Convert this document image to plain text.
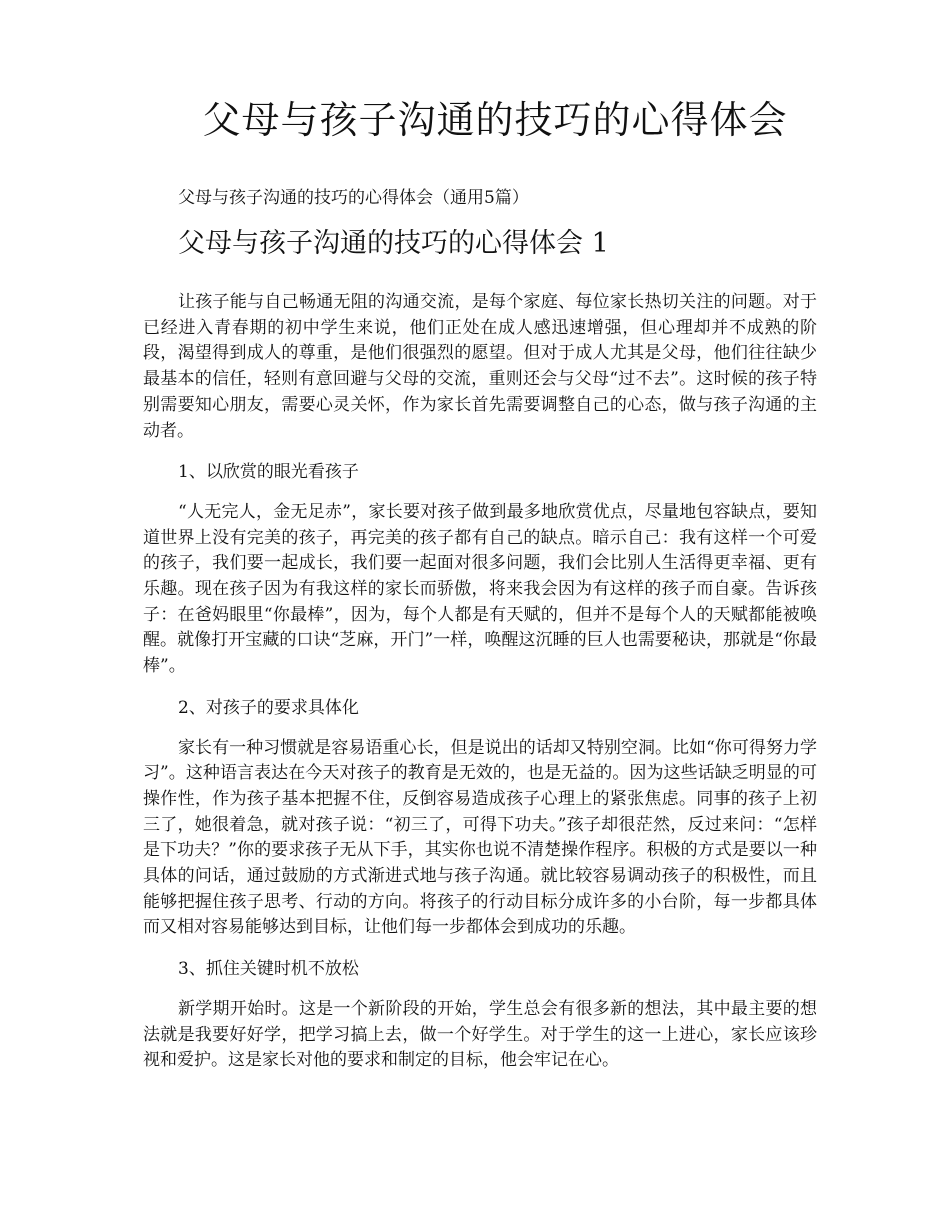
父母与孩子沟通的技巧的心得体会

父母与孩子沟通的技巧的心得体会（通用5篇）

父母与孩子沟通的技巧的心得体会 1

让孩子能与自己畅通无阻的沟通交流，是每个家庭、每位家长热切关注的问题。对于已经进入青春期的初中学生来说，他们正处在成人感迅速增强，但心理却并不成熟的阶段，渴望得到成人的尊重，是他们很强烈的愿望。但对于成人尤其是父母，他们往往缺少最基本的信任，轻则有意回避与父母的交流，重则还会与父母“过不去”。这时候的孩子特别需要知心朋友，需要心灵关怀，作为家长首先需要调整自己的心态，做与孩子沟通的主动者。

1、以欣赏的眼光看孩子

“人无完人，金无足赤”，家长要对孩子做到最多地欣赏优点，尽量地包容缺点，要知道世界上没有完美的孩子，再完美的孩子都有自己的缺点。暗示自己：我有这样一个可爱的孩子，我们要一起成长，我们要一起面对很多问题，我们会比别人生活得更幸福、更有乐趣。现在孩子因为有我这样的家长而骄傲，将来我会因为有这样的孩子而自豪。告诉孩子：在爸妈眼里“你最棒”，因为，每个人都是有天赋的，但并不是每个人的天赋都能被唤醒。就像打开宝藏的口诀“芝麻，开门”一样，唤醒这沉睡的巨人也需要秘诀，那就是“你最棒”。

2、对孩子的要求具体化

家长有一种习惯就是容易语重心长，但是说出的话却又特别空洞。比如“你可得努力学习”。这种语言表达在今天对孩子的教育是无效的，也是无益的。因为这些话缺乏明显的可操作性，作为孩子基本把握不住，反倒容易造成孩子心理上的紧张焦虑。同事的孩子上初三了，她很着急，就对孩子说：“初三了，可得下功夫。”孩子却很茫然，反过来问：“怎样是下功夫？”你的要求孩子无从下手，其实你也说不清楚操作程序。积极的方式是要以一种具体的问话，通过鼓励的方式渐进式地与孩子沟通。就比较容易调动孩子的积极性，而且能够把握住孩子思考、行动的方向。将孩子的行动目标分成许多的小台阶，每一步都具体而又相对容易能够达到目标，让他们每一步都体会到成功的乐趣。

3、抓住关键时机不放松

新学期开始时。这是一个新阶段的开始，学生总会有很多新的想法，其中最主要的想法就是我要好好学，把学习搞上去，做一个好学生。对于学生的这一上进心，家长应该珍视和爱护。这是家长对他的要求和制定的目标，他会牢记在心。
